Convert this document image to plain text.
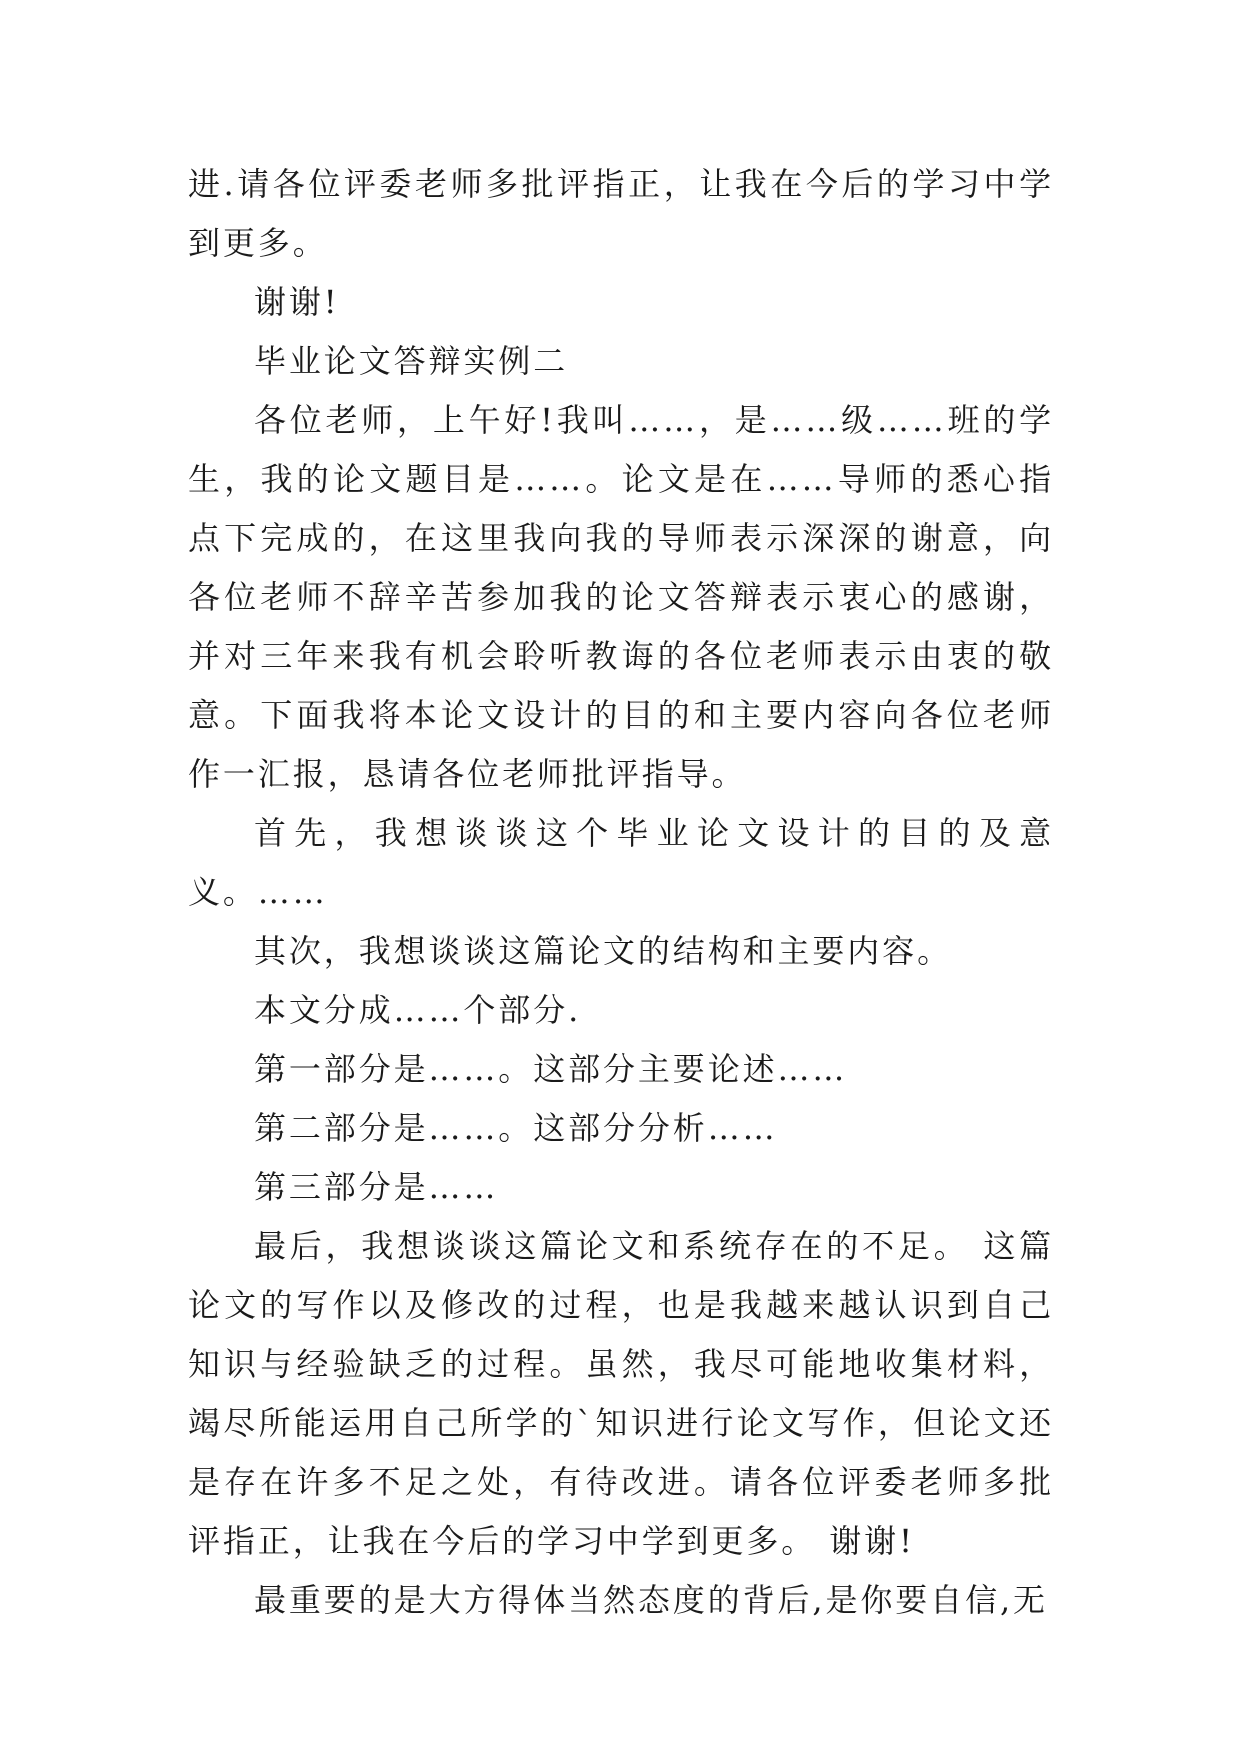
进.请各位评委老师多批评指正，让我在今后的学习中学到更多。

谢谢!

毕业论文答辩实例二

各位老师，上午好!我叫……，是……级……班的学生，我的论文题目是……。论文是在……导师的悉心指点下完成的，在这里我向我的导师表示深深的谢意，向各位老师不辞辛苦参加我的论文答辩表示衷心的感谢，并对三年来我有机会聆听教诲的各位老师表示由衷的敬意。下面我将本论文设计的目的和主要内容向各位老师作一汇报，恳请各位老师批评指导。

首先，我想谈谈这个毕业论文设计的目的及意义。……

其次，我想谈谈这篇论文的结构和主要内容。

本文分成……个部分.

第一部分是……。这部分主要论述……

第二部分是……。这部分分析……

第三部分是……

最后，我想谈谈这篇论文和系统存在的不足。 这篇论文的写作以及修改的过程，也是我越来越认识到自己知识与经验缺乏的过程。虽然，我尽可能地收集材料，竭尽所能运用自己所学的`知识进行论文写作，但论文还是存在许多不足之处，有待改进。请各位评委老师多批评指正，让我在今后的学习中学到更多。 谢谢!

最重要的是大方得体当然态度的背后,是你要自信,无
